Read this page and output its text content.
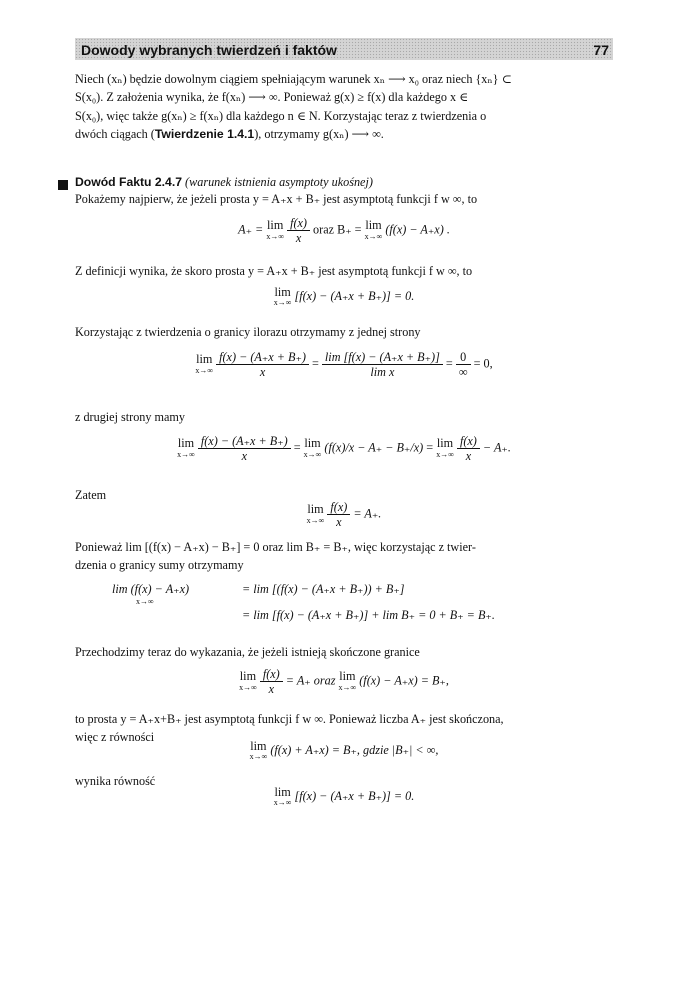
Dowody wybranych twierdzeń i faktów	77
Niech (xₙ) będzie dowolnym ciągiem spełniającym warunek xₙ ⟶ x₀ oraz niech {xₙ} ⊂
S(x₀). Z założenia wynika, że f(xₙ) ⟶ ∞. Ponieważ g(x) ≥ f(x) dla każdego x ∈
S(x₀), więc także g(xₙ) ≥ f(xₙ) dla każdego n ∈ N. Korzystając teraz z twierdzenia o
dwóch ciągach (Twierdzenie 1.4.1), otrzymamy g(xₙ) ⟶ ∞.
Dowód Faktu 2.4.7 (warunek istnienia asymptoty ukośnej)
Pokażemy najpierw, że jeżeli prosta y = A₊x + B₊ jest asymptotą funkcji f w ∞, to
A₊ = lim
x→∞
$\frac{f(x)}{x}$ oraz B₊ = lim
x→∞
(f(x) − A₊x) .
Z definicji wynika, że skoro prosta y = A₊x + B₊ jest asymptotą funkcji f w ∞, to
lim
x→∞
[f(x) − (A₊x + B₊)] = 0.
Korzystając z twierdzenia o granicy ilorazu otrzymamy z jednej strony
lim
x→∞
$\frac{f(x) - (A_+x + B_+)}{x} = \frac{\lim [f(x) - (A_+x + B_+)]}{\text{lim x}} = \frac{0}{\infty} = 0$,
z drugiej strony mamy
lim
x→∞
$\frac{f(x) - (A_+x + B_+)}{x} = \lim$
x→∞
(f(x)/x − A₊ − B₊/x) = lim
x→∞
$\frac{f(x)}{x} - A_+$.
Zatem
lim
x→∞
$\frac{f(x)}{x} = A_+$.
Ponieważ lim [(f(x) − A₊x) − B₊] = 0 oraz lim B₊ = B₊, więc korzystając z twier-
dzenia o granicy sumy otrzymamy
lim (f(x) − A₊x)	= lim [(f(x) − (A₊x + B₊)) + B₊]
x→∞
= lim [f(x) − (A₊x + B₊)] + lim B₊ = 0 + B₊ = B₊.
Przechodzimy teraz do wykazania, że jeżeli istnieją skończone granice
lim
x→∞
$\frac{f(x)}{x} = A_+$ oraz lim
x→∞
(f(x) − A₊x) = B₊,
to prosta y = A₊x+B₊ jest asymptotą funkcji f w ∞. Ponieważ liczba A₊ jest skończona,
więc z równości
lim
x→∞
(f(x) + A₊x) = B₊, gdzie |B₊| < ∞,
wynika równość
lim
x→∞
[f(x) − (A₊x + B₊)] = 0.
